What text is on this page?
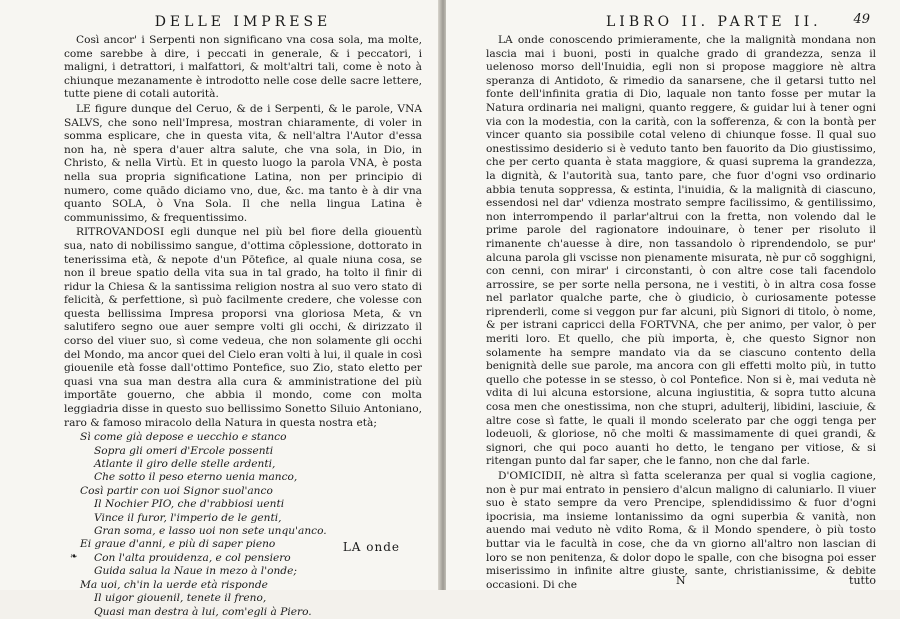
DELLE IMPRESE

Così ancor' i Serpenti non significano vna cosa sola, ma molte, come sarebbe à dire, i peccati in generale, & i peccatori, i maligni, i detrattori, i malfattori, & molt'altri tali, come è noto à chiunque mezanamente è introdotto nelle cose delle sacre lettere, tutte piene di cotali autorità.

LE figure dunque del Ceruo, & de i Serpenti, & le parole, VNA SALVS, che sono nell'Impresa, mostran chiaramente, di voler in somma esplicare, che in questa vita, & nell'altra l'Autor d'essa non ha, nè spera d'auer altra salute, che vna sola, in Dio, in Christo, & nella Virtù. Et in questo luogo la parola VNA, è posta nella sua propria significatione Latina, non per principio di numero, come quādo diciamo vno, due, &c. ma tanto è à dir vna quanto SOLA, ò Vna Sola. Il che nella lingua Latina è communissimo, & frequentissimo.

RITROVANDOSI egli dunque nel più bel fiore della giouentù sua, nato di nobilissimo sangue, d'ottima cōplessione, dottorato in tenerissima età, & nepote d'un Pōtefice, al quale niuna cosa, se non il breue spatio della vita sua in tal grado, ha tolto il finir di ridur la Chiesa & la santissima religion nostra al suo vero stato di felicità, & perfettione, sì può facilmente credere, che volesse con questa bellissima Impresa proporsi vna gloriosa Meta, & vn salutifero segno oue auer sempre volti gli occhi, & dirizzato il corso del viuer suo, sì come vedeua, che non solamente gli occhi del Mondo, ma ancor quei del Cielo eran volti à lui, il quale in così giouenile età fosse dall'ottimo Pontefice, suo Zio, stato eletto per quasi vna sua man destra alla cura & amministratione del più importāte gouerno, che abbia il mondo, come con molta leggiadria disse in questo suo bellissimo Sonetto Siluio Antoniano, raro & famoso miracolo della Natura in questa nostra età;

Sì come già depose e uecchio e stanco
Sopra gli omeri d'Ercole possenti
Atlante il giro delle stelle ardenti,
Che sotto il peso eterno uenia manco,
Così partir con uoi Signor suol'anco
Il Nochier PIO, che d'rabbiosi uenti
Vince il furor, l'imperio de le genti,
Gran soma, e lasso uoi non sete unqu'anco.
Ei graue d'anni, e più di saper pieno
Con l'alta prouidenza, e col pensiero
Guida salua la Naue in mezo à l'onde;
Ma uoi, ch'in la uerde età risponde
Il uigor giouenil, tenete il freno,
Quasi man destra à lui, com'egli à Piero.
❧
LA onde
LIBRO II. PARTE II.	49

LA onde conoscendo primieramente, che la malignità mondana non lascia mai i buoni, posti in qualche grado di grandezza, senza il uelenoso morso dell'Inuidia, egli non si propose maggiore nè altra speranza di Antidoto, & rimedio da sanarsene, che il getarsi tutto nel fonte dell'infinita gratia di Dio, laquale non tanto fosse per mutar la Natura ordinaria nei maligni, quanto reggere, & guidar lui à tener ogni via con la modestia, con la carità, con la sofferenza, & con la bontà per vincer quanto sia possibile cotal veleno di chiunque fosse. Il qual suo onestissimo desiderio si è veduto tanto ben fauorito da Dio giustissimo, che per certo quanta è stata maggiore, & quasi suprema la grandezza, la dignità, & l'autorità sua, tanto pare, che fuor d'ogni vso ordinario abbia tenuta soppressa, & estinta, l'inuidia, & la malignità di ciascuno, essendosi nel dar' vdienza mostrato sempre facilissimo, & gentilissimo, non interrompendo il parlar'altrui con la fretta, non volendo dal le prime parole del ragionatore indouinare, ò tener per risoluto il rimanente ch'auesse à dire, non tassandolo ò riprendendolo, se pur' alcuna parola gli vscisse non pienamente misurata, nè pur cō sogghigni, con cenni, con mirar' i circonstanti, ò con altre cose tali facendolo arrossire, se per sorte nella persona, ne i vestiti, ò in altra cosa fosse nel parlator qualche parte, che ò giudicio, ò curiosamente potesse riprenderli, come si veggon pur far alcuni, più Signori di titolo, ò nome, & per istrani capricci della FORTVNA, che per animo, per valor, ò per meriti loro. Et quello, che più importa, è, che questo Signor non solamente ha sempre mandato via da se ciascuno contento della benignità delle sue parole, ma ancora con gli effetti molto più, in tutto quello che potesse in se stesso, ò col Pontefice. Non si è, mai veduta nè vdita di lui alcuna estorsione, alcuna ingiustitia, & sopra tutto alcuna cosa men che onestissima, non che stupri, adulterij, libidini, lasciuie, & altre cose sì fatte, le quali il mondo scelerato par che oggi tenga per lodeuoli, & gloriose, nō che molti & massimamente di quei grandi, & signori, che qui poco auanti ho detto, le tengano per vitiose, & si ritengan punto dal far saper, che le fanno, non che dal farle.

D'OMICIDII, nè altra sì fatta sceleranza per qual si voglia cagione, non è pur mai entrato in pensiero d'alcun maligno di caluniarlo. Il viuer suo è stato sempre da vero Prencipe, splendidissimo & fuor d'ogni ipocrisia, ma insieme lontanissimo da ogni superbia & vanità, non auendo mai veduto nè vdito Roma, & il Mondo spendere, ò più tosto buttar via le facultà in cose, che da vn giorno all'altro non lascian di loro se non penitenza, & dolor dopo le spalle, con che bisogna poi esser miserissimo in infinite altre giuste, sante, christianissime, & debite occasioni. Di che	N	tutto
